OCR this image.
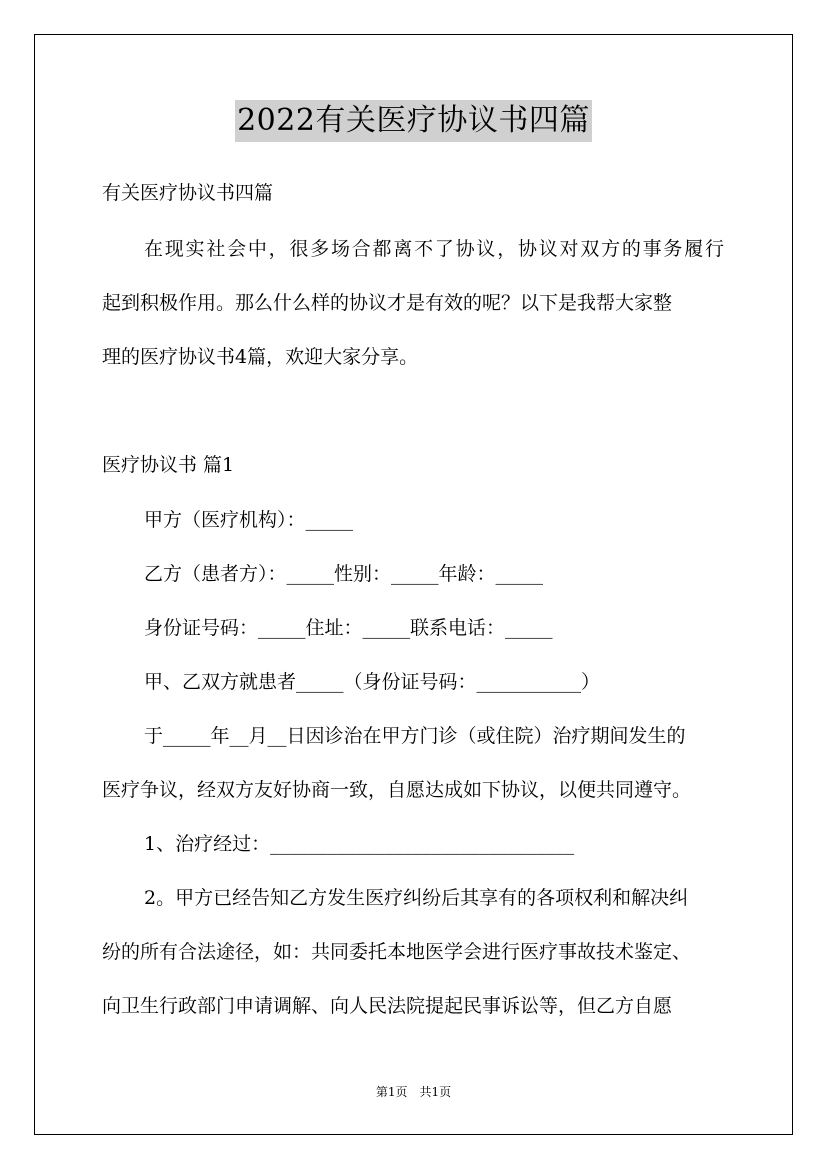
2022有关医疗协议书四篇
有关医疗协议书四篇
在现实社会中，很多场合都离不了协议，协议对双方的事务履行
起到积极作用。那么什么样的协议才是有效的呢？以下是我帮大家整
理的医疗协议书4篇，欢迎大家分享。
医疗协议书 篇1
甲方（医疗机构）：_____
乙方（患者方）：_____性别：_____年龄：_____
身份证号码：_____住址：_____联系电话：_____
甲、乙双方就患者_____（身份证号码：___________）
于_____年__月__日因诊治在甲方门诊（或住院）治疗期间发生的
医疗争议，经双方友好协商一致，自愿达成如下协议，以便共同遵守。
1、治疗经过：________________________________
2。甲方已经告知乙方发生医疗纠纷后其享有的各项权利和解决纠
纷的所有合法途径，如：共同委托本地医学会进行医疗事故技术鉴定、
向卫生行政部门申请调解、向人民法院提起民事诉讼等，但乙方自愿
第1页　共1页
